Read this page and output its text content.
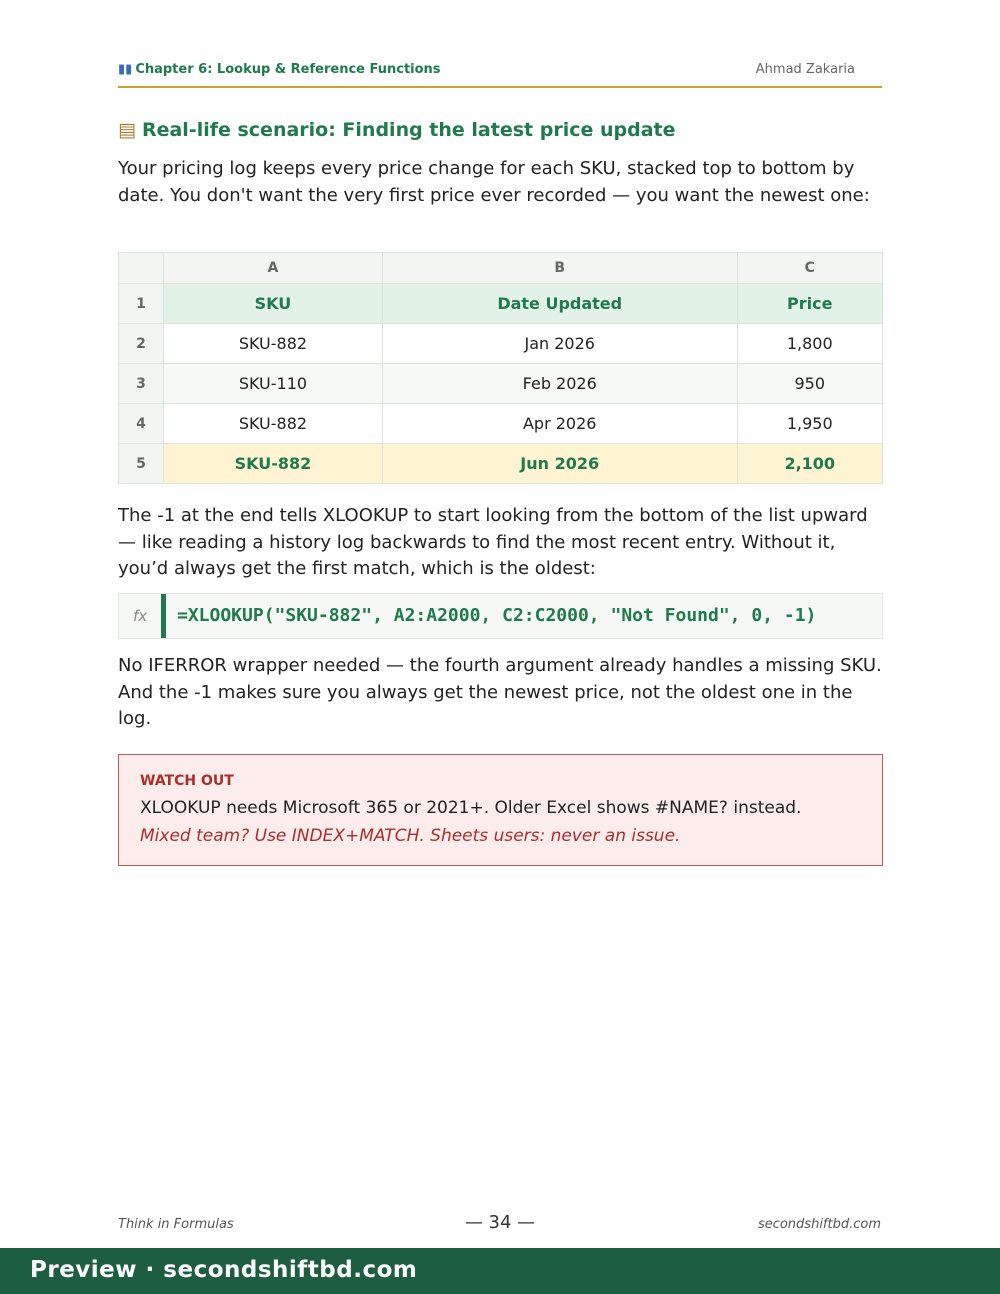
▮▮ Chapter 6: Lookup & Reference Functions	Ahmad Zakaria
▤ Real-life scenario: Finding the latest price update
Your pricing log keeps every price change for each SKU, stacked top to bottom by date. You don't want the very first price ever recorded — you want the newest one:
	A	B	C
1	SKU	Date Updated	Price
2	SKU-882	Jan 2026	1,800
3	SKU-110	Feb 2026	950
4	SKU-882	Apr 2026	1,950
5	SKU-882	Jun 2026	2,100
The -1 at the end tells XLOOKUP to start looking from the bottom of the list upward — like reading a history log backwards to find the most recent entry. Without it, you’d always get the first match, which is the oldest:
fx =XLOOKUP("SKU-882", A2:A2000, C2:C2000, "Not Found", 0, -1)
No IFERROR wrapper needed — the fourth argument already handles a missing SKU. And the -1 makes sure you always get the newest price, not the oldest one in the log.
WATCH OUT
XLOOKUP needs Microsoft 365 or 2021+. Older Excel shows #NAME? instead.
Mixed team? Use INDEX+MATCH. Sheets users: never an issue.
Think in Formulas	— 34 —	secondshiftbd.com
Preview · secondshiftbd.com
